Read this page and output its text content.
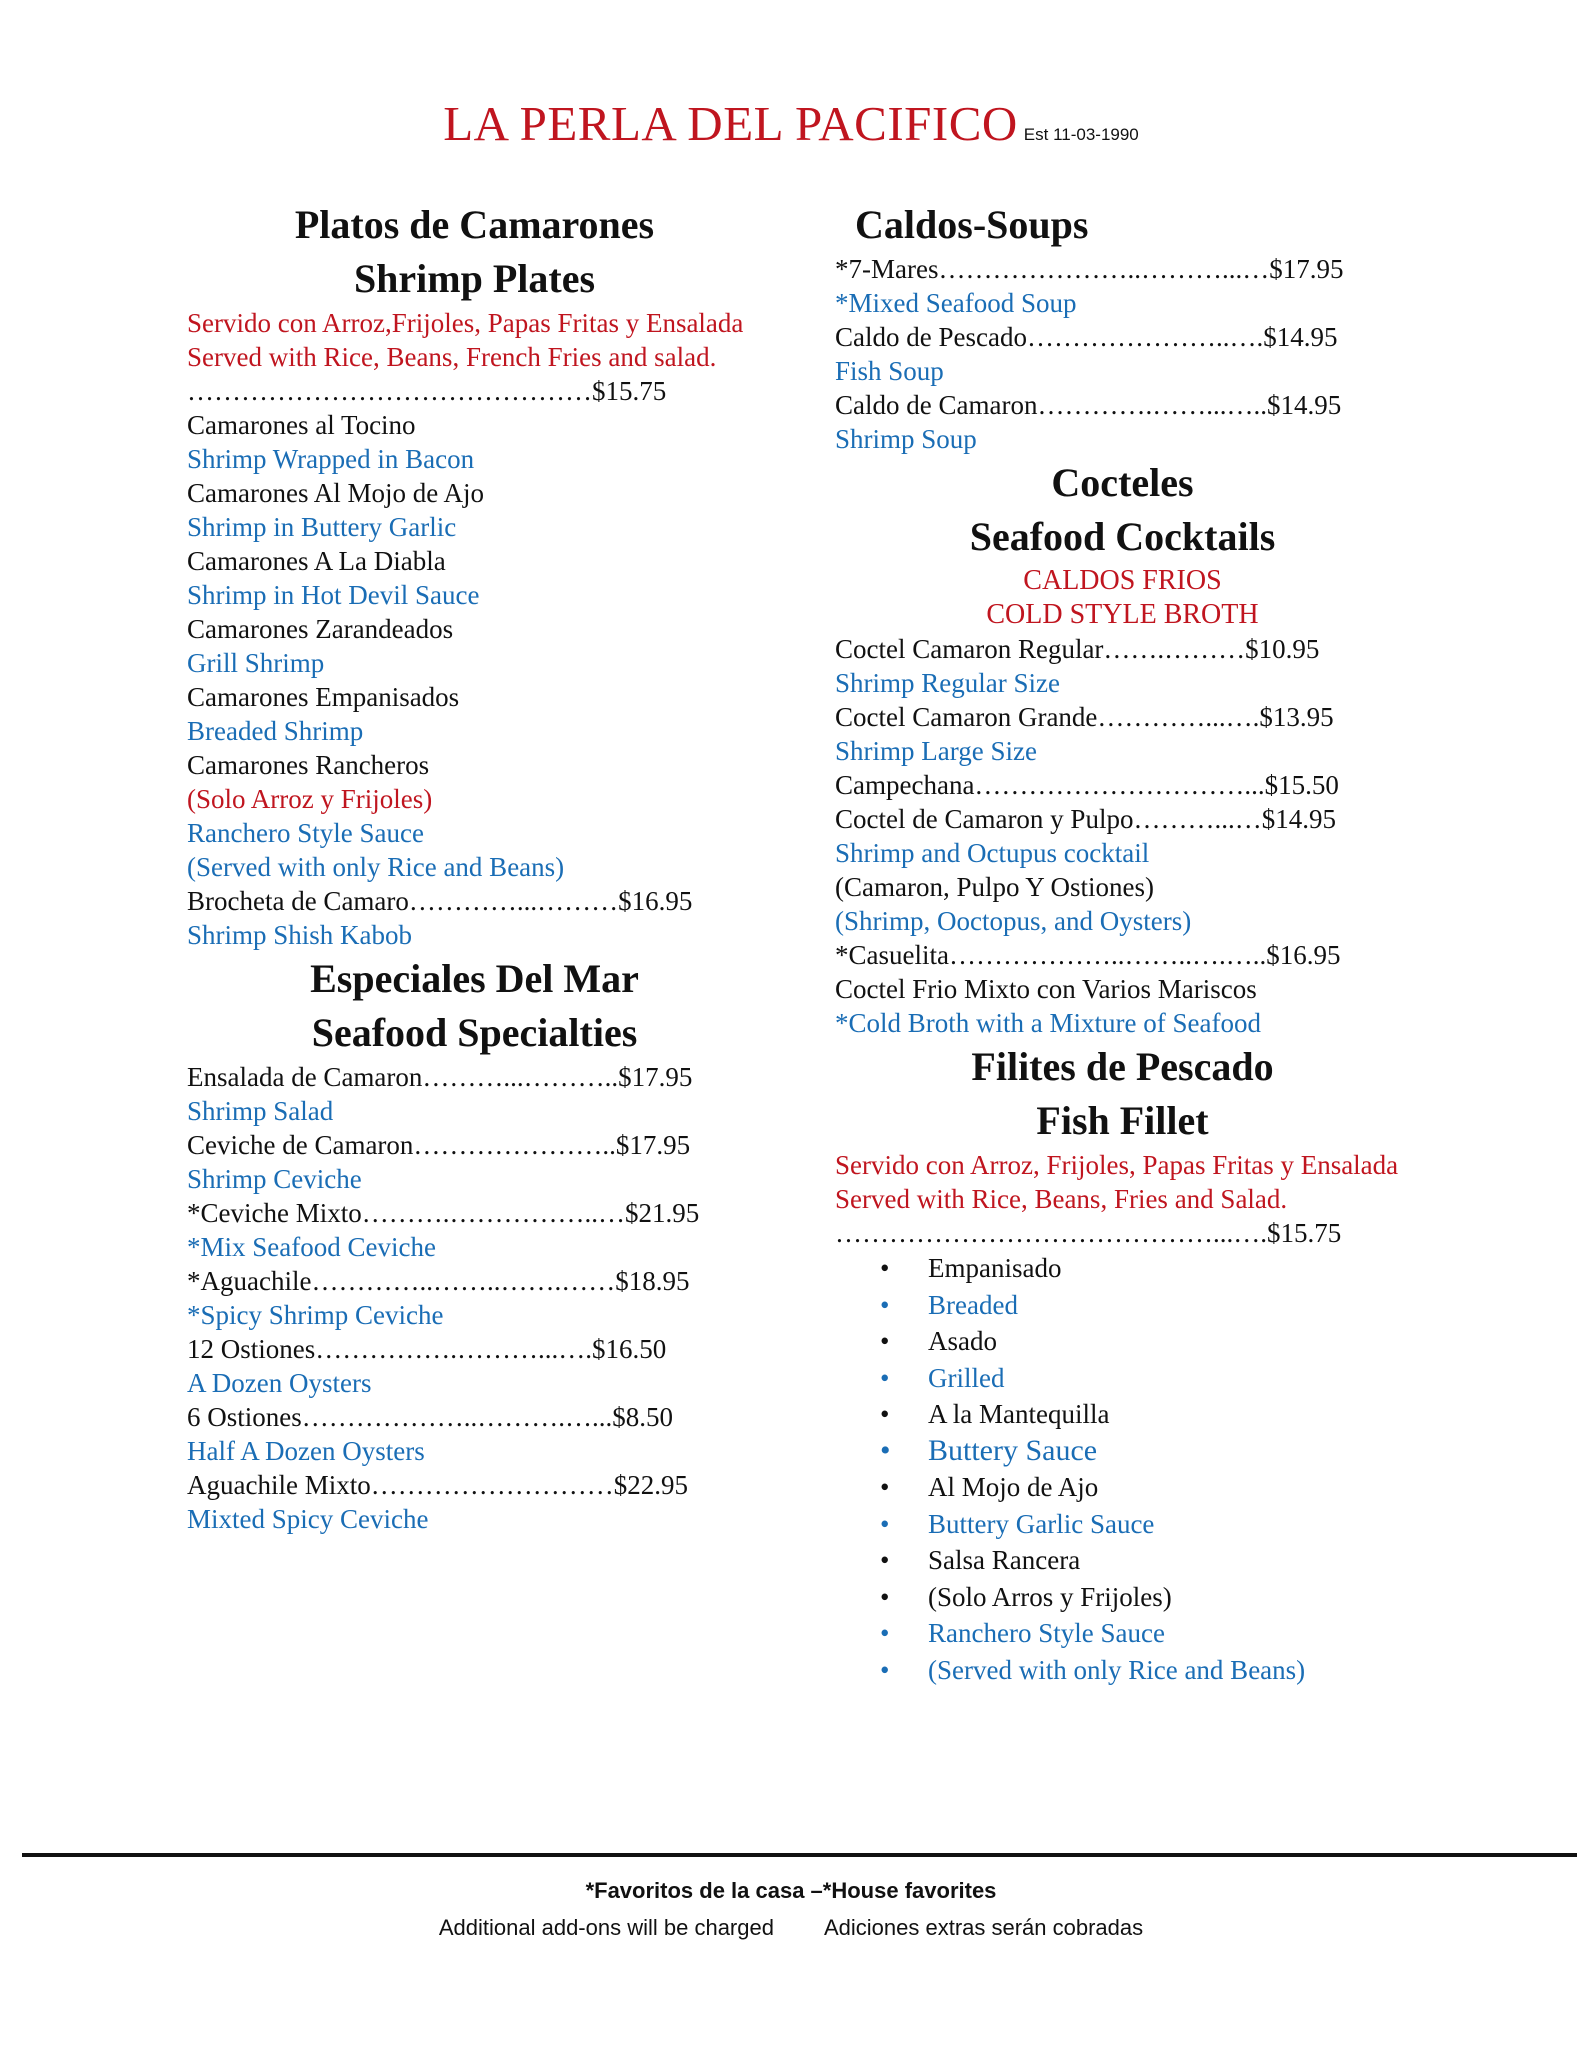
LA PERLA DEL PACIFICO Est 11-03-1990
Platos de Camarones
Shrimp Plates
Servido con Arroz,Frijoles, Papas Fritas y Ensalada
Served with Rice, Beans, French Fries and salad.
………………………………………$15.75
Camarones al Tocino
Shrimp Wrapped in Bacon
Camarones Al Mojo de Ajo
Shrimp in Buttery Garlic
Camarones A La Diabla
Shrimp in Hot Devil Sauce
Camarones Zarandeados
Grill Shrimp
Camarones Empanisados
Breaded Shrimp
Camarones Rancheros
(Solo Arroz y Frijoles)
Ranchero Style Sauce
(Served with only Rice and Beans)
Brocheta de Camaro…………...………$16.95
Shrimp Shish Kabob
Especiales Del Mar
Seafood Specialties
Ensalada de Camaron………...………..$17.95
Shrimp Salad
Ceviche de Camaron…………………..$17.95
Shrimp Ceviche
*Ceviche Mixto……….……………..…$21.95
*Mix Seafood Ceviche
*Aguachile…………..……..…….……$18.95
*Spicy Shrimp Ceviche
12 Ostiones…………….………...….$16.50
A Dozen Oysters
6 Ostiones………………..……….…...$8.50
Half A Dozen Oysters
Aguachile Mixto………………………$22.95
Mixted Spicy Ceviche
Caldos-Soups
*7-Mares…………………..………...…$17.95
*Mixed Seafood Soup
Caldo de Pescado…………………..….$14.95
Fish Soup
Caldo de Camaron………….……...…..$14.95
Shrimp Soup
Cocteles
Seafood Cocktails
CALDOS FRIOS
COLD STYLE BROTH
Coctel Camaron Regular…….………$10.95
Shrimp Regular Size
Coctel Camaron Grande…………...….$13.95
Shrimp Large Size
Campechana…………………………...$15.50
Coctel de Camaron y Pulpo………...…$14.95
Shrimp and Octupus cocktail
(Camaron, Pulpo Y Ostiones)
(Shrimp, Ooctopus, and Oysters)
*Casuelita………………..……..….…..$16.95
Coctel Frio Mixto con Varios Mariscos
*Cold Broth with a Mixture of Seafood
Filites de Pescado
Fish Fillet
Servido con Arroz, Frijoles, Papas Fritas y Ensalada
Served with Rice, Beans, Fries and Salad.
……………………………………...….$15.75
• Empanisado
• Breaded
• Asado
• Grilled
• A la Mantequilla
• Buttery Sauce
• Al Mojo de Ajo
• Buttery Garlic Sauce
• Salsa Rancera
• (Solo Arros y Frijoles)
• Ranchero Style Sauce
• (Served with only Rice and Beans)
*Favoritos de la casa –*House favorites
Additional add-ons will be charged Adiciones extras serán cobradas
